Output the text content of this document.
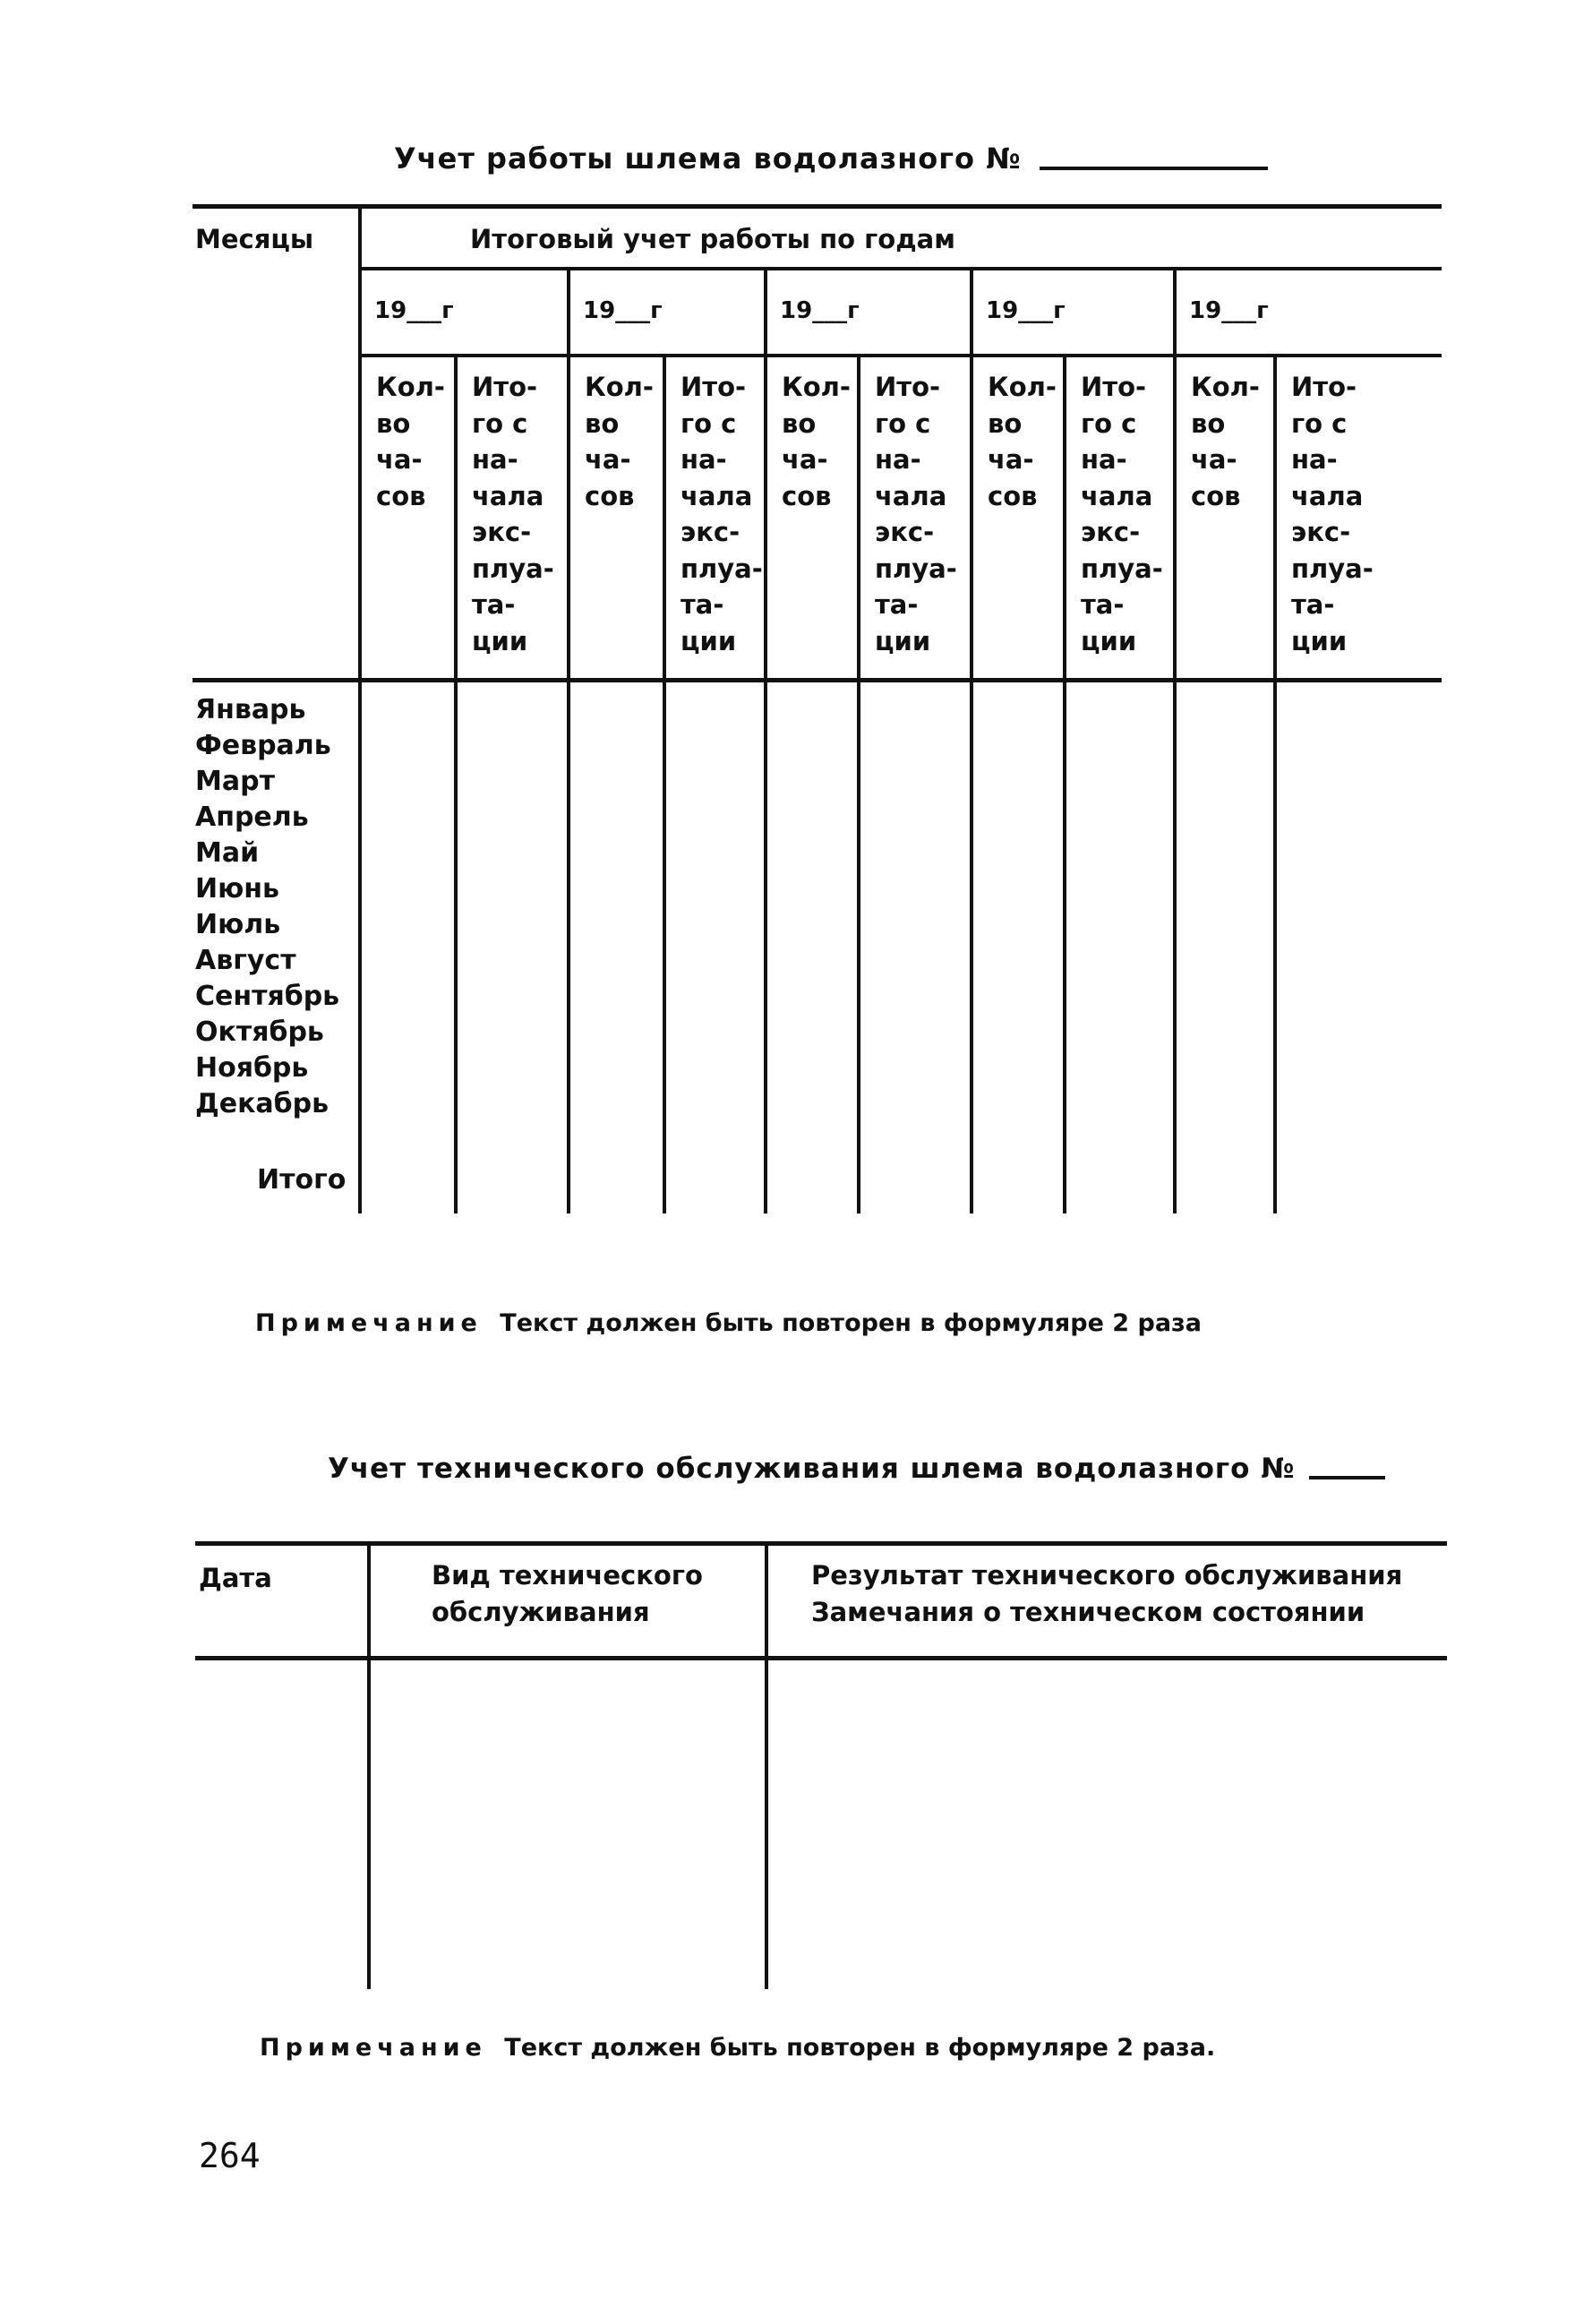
Учет работы шлема водолазного №
Месяцы	Итоговый учет работы по годам
19___г
Кол-
во
ча-
сов
Ито-
го с
на-
чала
экс-
плуа-
та-
ции
19___г
Кол-
во
ча-
сов
Ито-
го с
на-
чала
экс-
плуа-
та-
ции
19___г
Кол-
во
ча-
сов
Ито-
го с
на-
чала
экс-
плуа-
та-
ции
19___г
Кол-
во
ча-
сов
Ито-
го с
на-
чала
экс-
плуа-
та-
ции
19___г
Кол-
во
ча-
сов
Ито-
го с
на-
чала
экс-
плуа-
та-
ции
Январь
Февраль
Март
Апрель
Май
Июнь
Июль
Август
Сентябрь
Октябрь
Ноябрь
Декабрь
Итого
Примечание Текст должен быть повторен в формуляре 2 раза
Учет технического обслуживания шлема водолазного №
Дата	Вид технического
обслуживания
Результат технического обслуживания
Замечания о техническом состоянии
Примечание Текст должен быть повторен в формуляре 2 раза.
264
